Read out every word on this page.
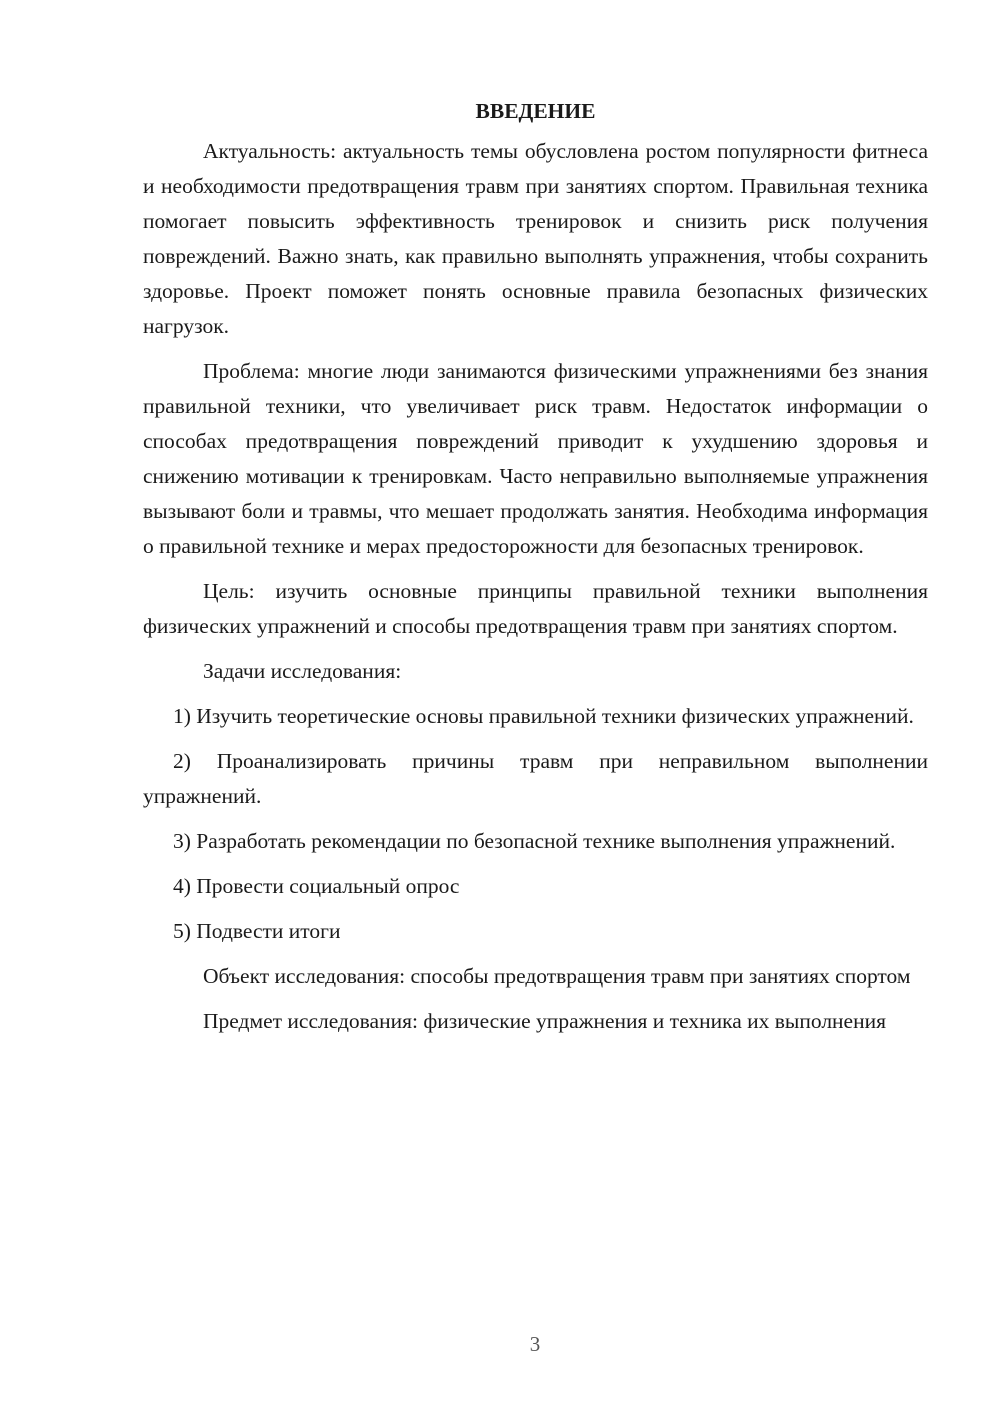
ВВЕДЕНИЕ

Актуальность: актуальность темы обусловлена ростом популярности фитнеса и необходимости предотвращения травм при занятиях спортом. Правильная техника помогает повысить эффективность тренировок и снизить риск получения повреждений. Важно знать, как правильно выполнять упражнения, чтобы сохранить здоровье. Проект поможет понять основные правила безопасных физических нагрузок.

Проблема: многие люди занимаются физическими упражнениями без знания правильной техники, что увеличивает риск травм. Недостаток информации о способах предотвращения повреждений приводит к ухудшению здоровья и снижению мотивации к тренировкам. Часто неправильно выполняемые упражнения вызывают боли и травмы, что мешает продолжать занятия. Необходима информация о правильной технике и мерах предосторожности для безопасных тренировок.

Цель: изучить основные принципы правильной техники выполнения физических упражнений и способы предотвращения травм при занятиях спортом.

Задачи исследования:

1) Изучить теоретические основы правильной техники физических упражнений.

2) Проанализировать причины травм при неправильном выполнении упражнений.

3) Разработать рекомендации по безопасной технике выполнения упражнений.

4) Провести социальный опрос

5) Подвести итоги

Объект исследования: способы предотвращения травм при занятиях спортом

Предмет исследования: физические упражнения и техника их выполнения

3
